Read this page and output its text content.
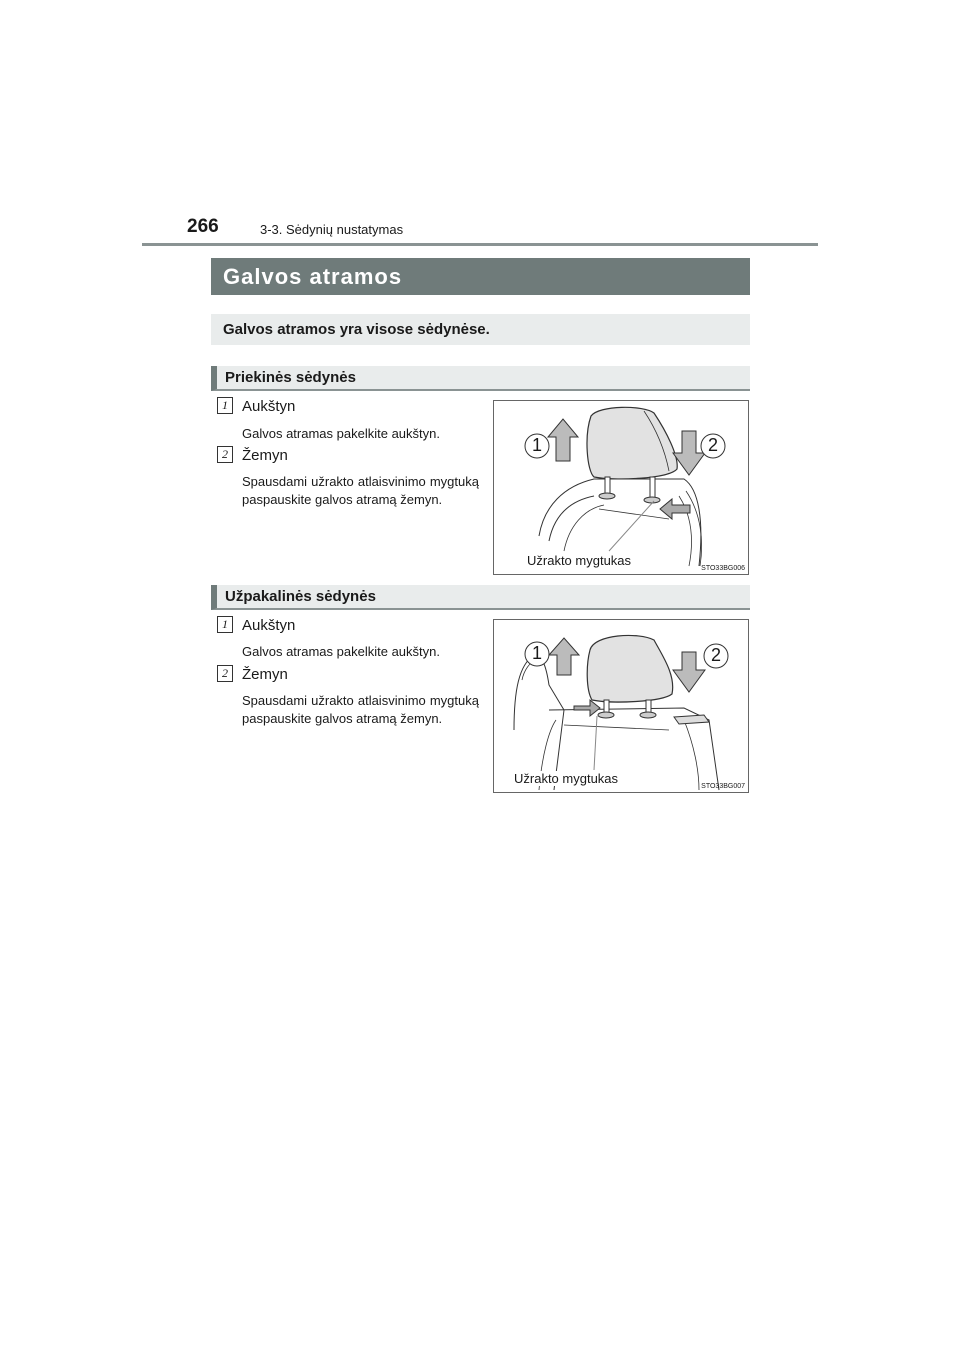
266	3-3. Sėdynių nustatymas
Galvos atramos
Galvos atramos yra visose sėdynėse.
Priekinės sėdynės
1 Aukštyn
Galvos atramas pakelkite aukštyn.
2 Žemyn
Spausdami užrakto atlaisvinimo mygtuką paspauskite galvos atramą žemyn.
1	2
Užrakto mygtukas
STO33BG006
Užpakalinės sėdynės
1 Aukštyn
Galvos atramas pakelkite aukštyn.
2 Žemyn
Spausdami užrakto atlaisvinimo mygtuką paspauskite galvos atramą žemyn.
1	2
Užrakto mygtukas
STO33BG007
